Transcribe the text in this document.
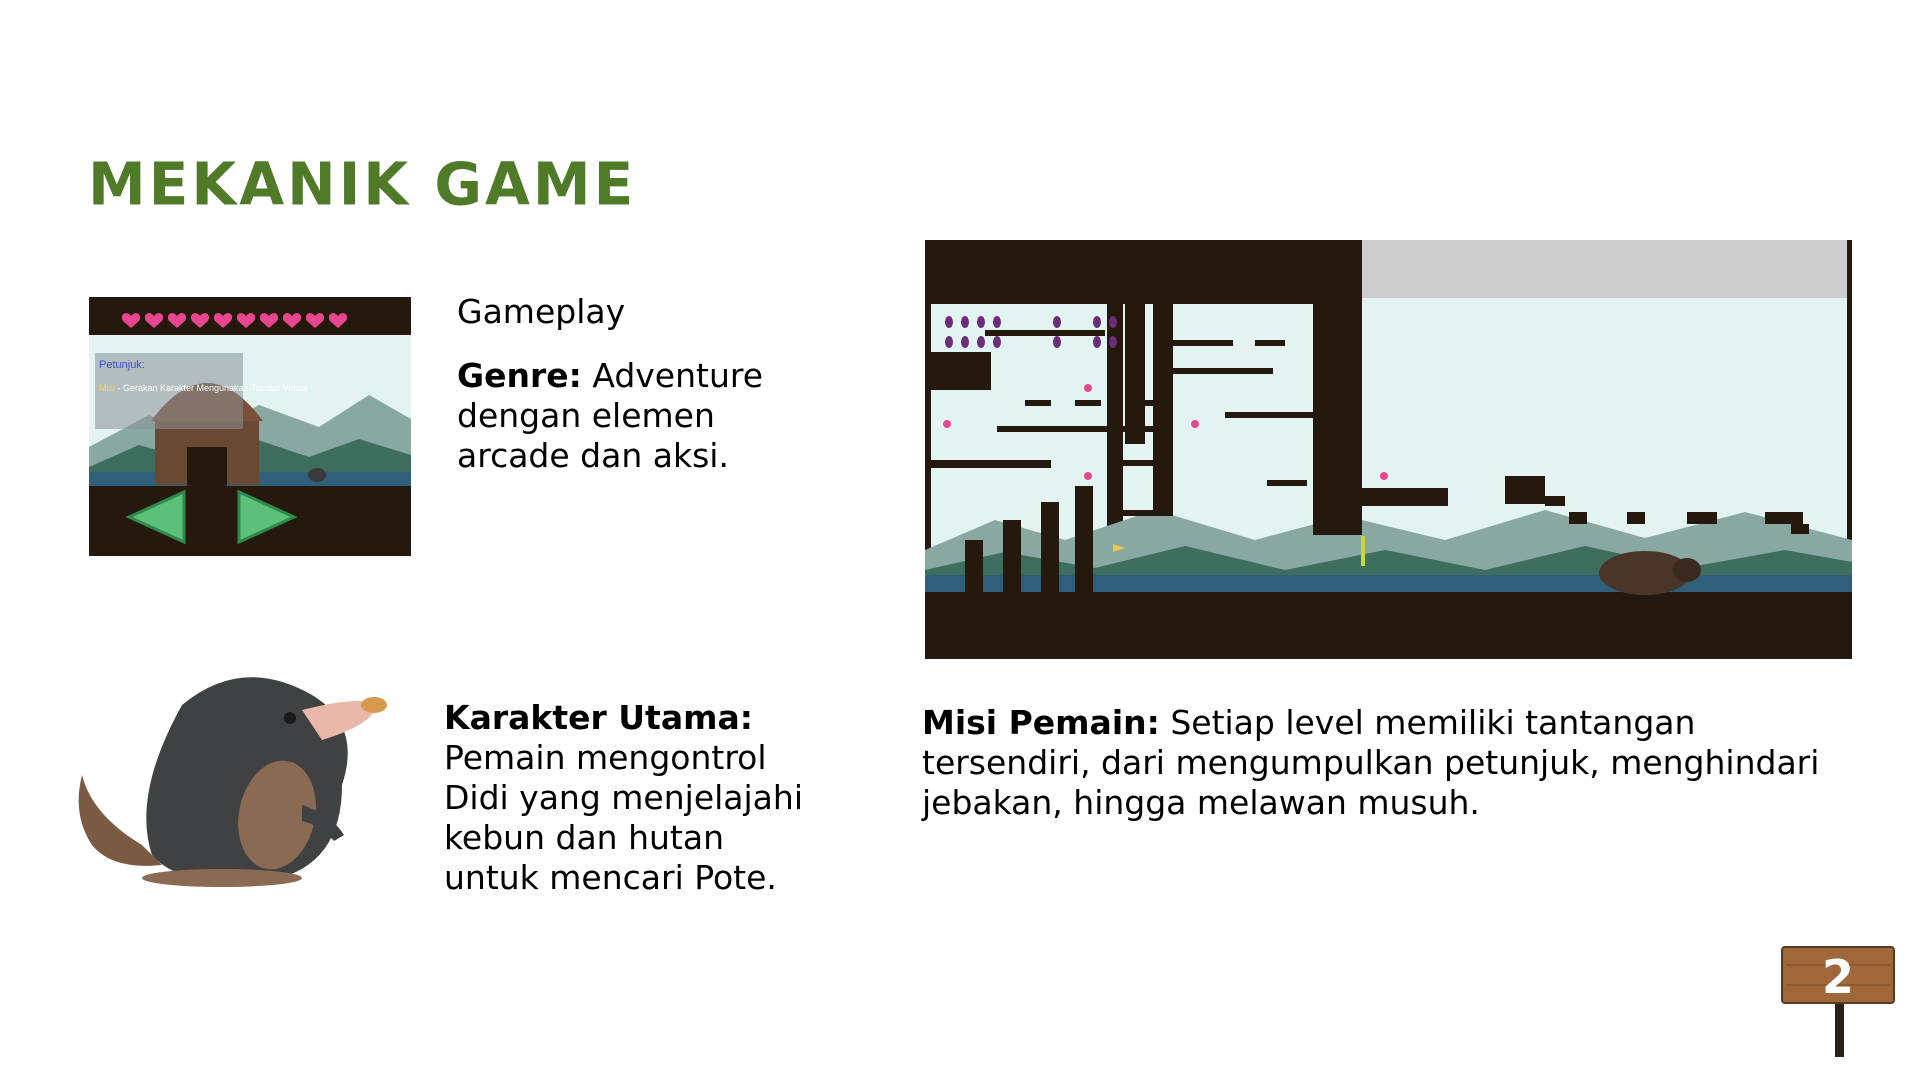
MEKANIK GAME
Petunjuk:
Misi - Gerakan Karakter Mengunakan Tombol Virtual
Gameplay
Genre: Adventure dengan elemen arcade dan aksi.
Karakter Utama: Pemain mengontrol Didi yang menjelajahi kebun dan hutan untuk mencari Pote.
Misi Pemain: Setiap level memiliki tantangan tersendiri, dari mengumpulkan petunjuk, menghindari jebakan, hingga melawan musuh.
2
